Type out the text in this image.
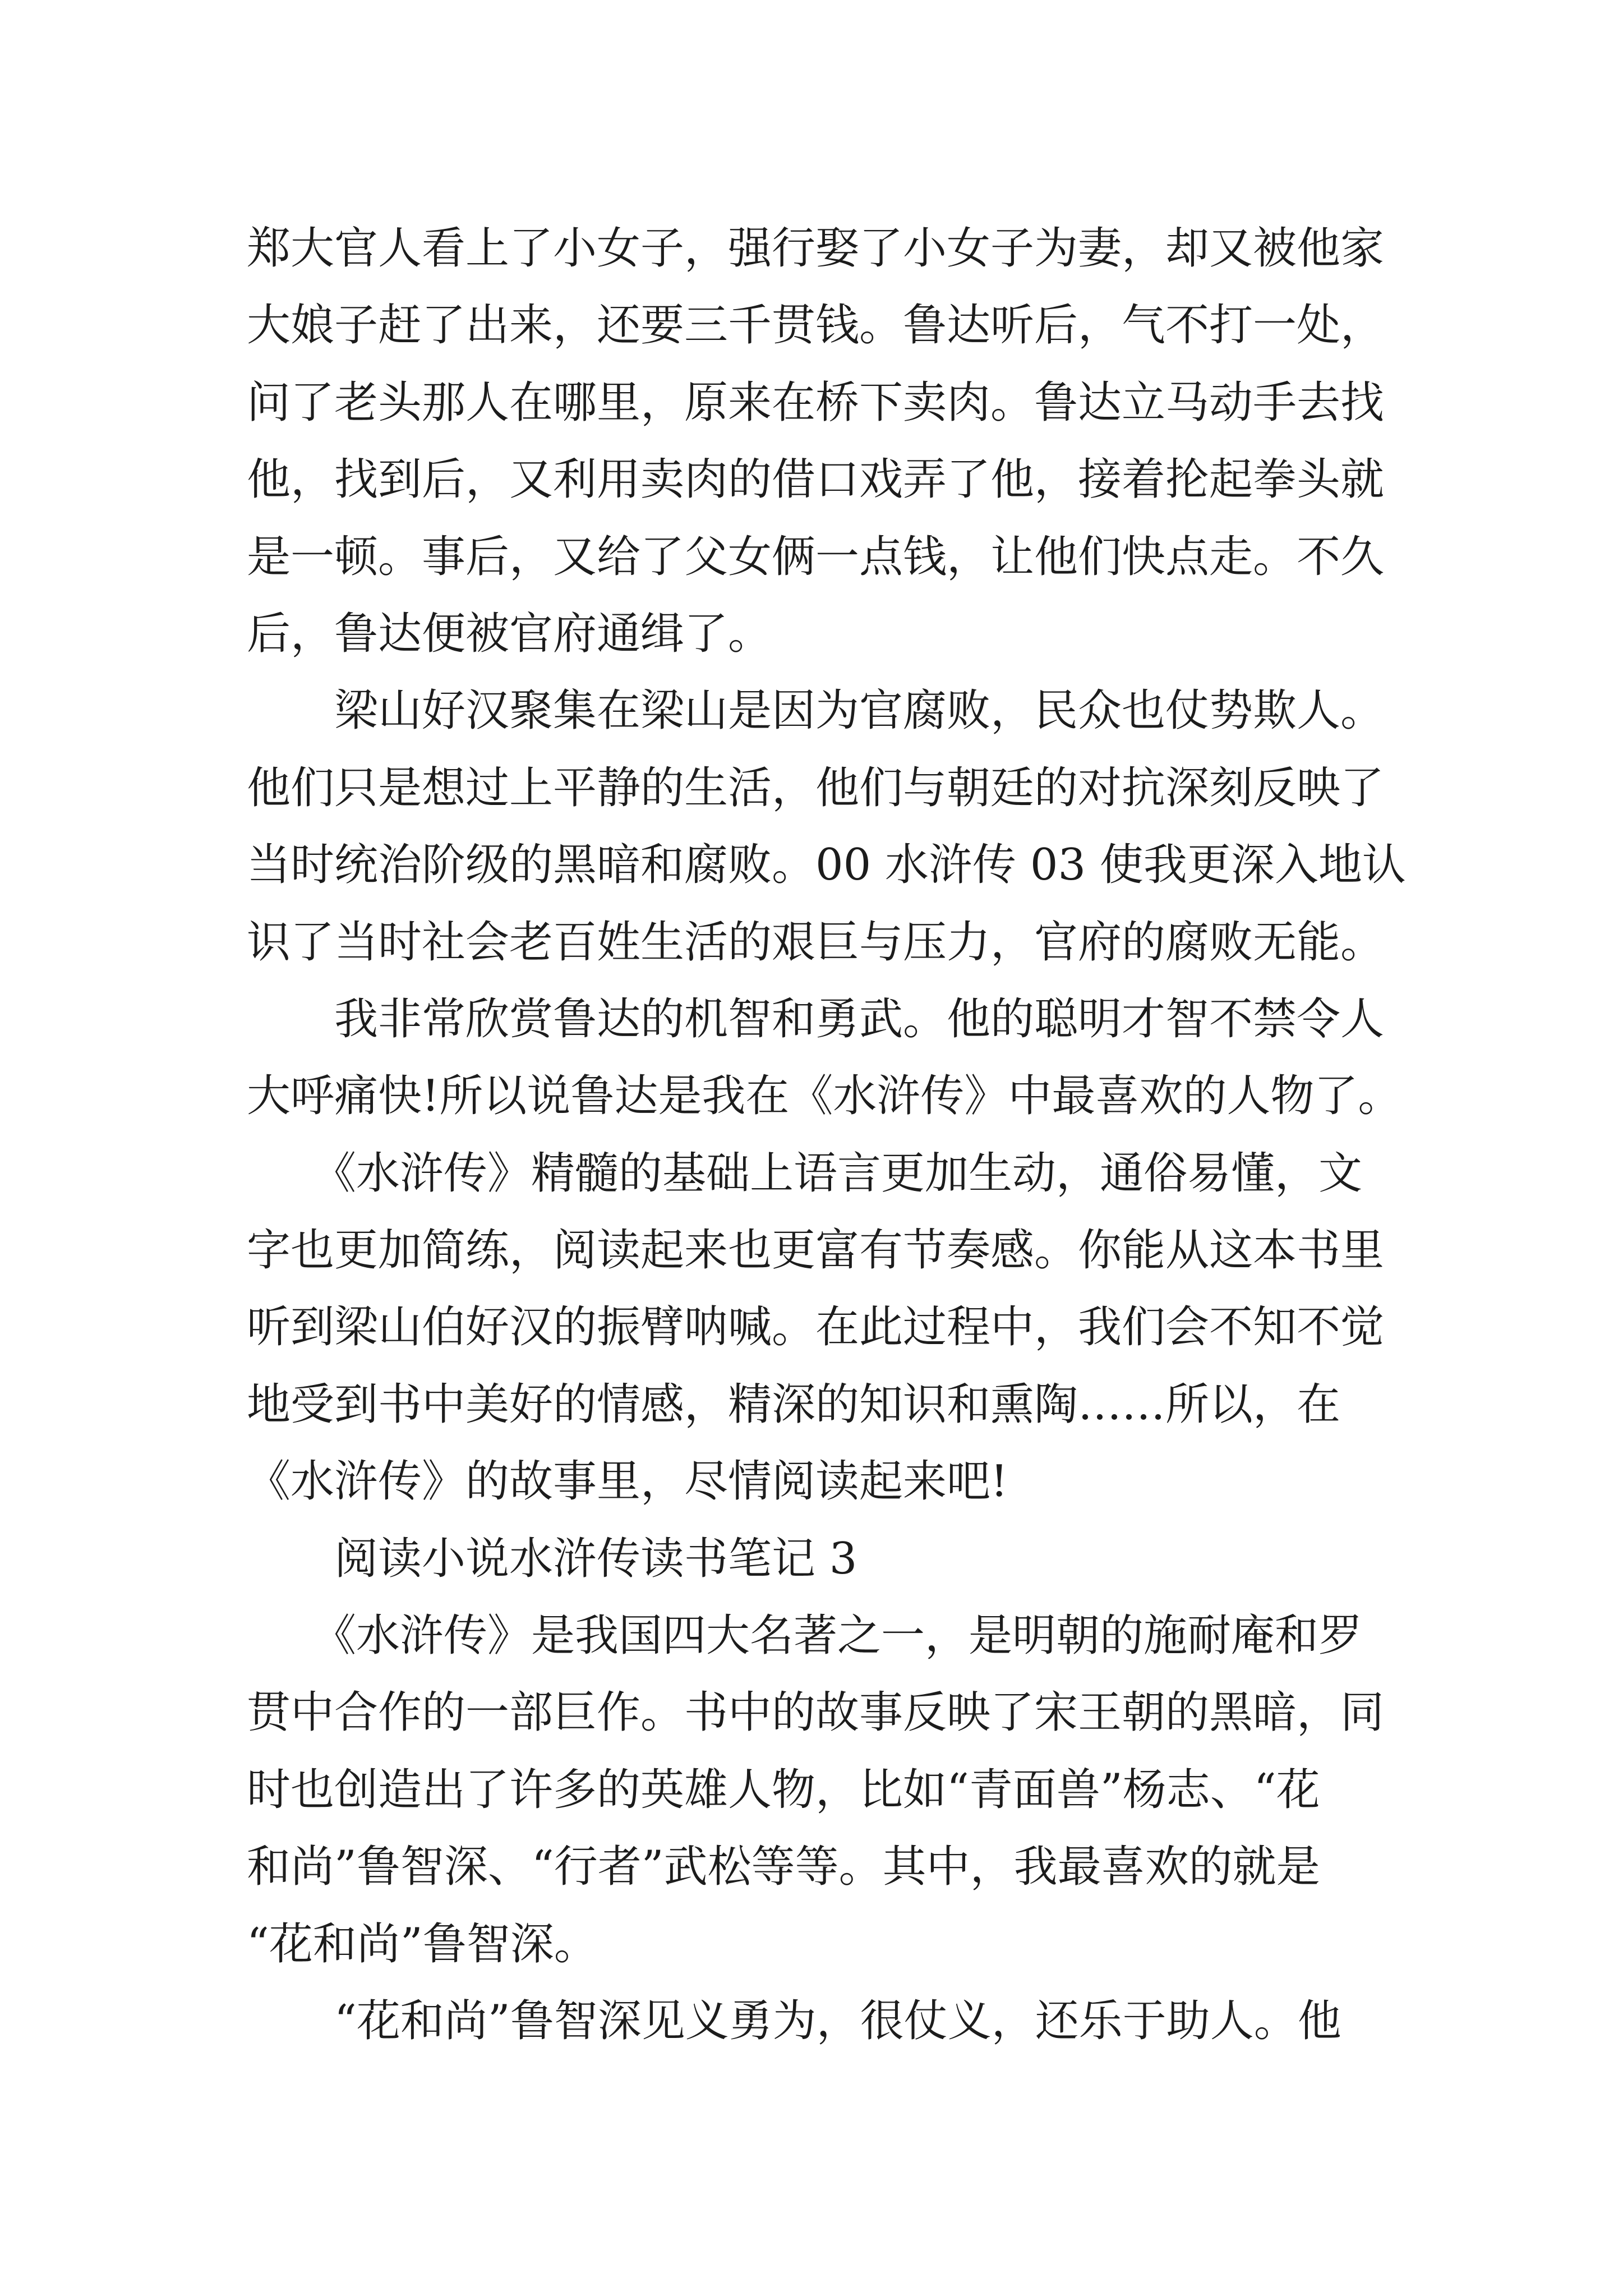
郑大官人看上了小女子，强行娶了小女子为妻，却又被他家
大娘子赶了出来，还要三千贯钱。鲁达听后，气不打一处，
问了老头那人在哪里，原来在桥下卖肉。鲁达立马动手去找
他，找到后，又利用卖肉的借口戏弄了他，接着抡起拳头就
是一顿。事后，又给了父女俩一点钱，让他们快点走。不久
后，鲁达便被官府通缉了。
　　梁山好汉聚集在梁山是因为官腐败，民众也仗势欺人。
他们只是想过上平静的生活，他们与朝廷的对抗深刻反映了
当时统治阶级的黑暗和腐败。00 水浒传 03 使我更深入地认
识了当时社会老百姓生活的艰巨与压力，官府的腐败无能。
　　我非常欣赏鲁达的机智和勇武。他的聪明才智不禁令人
大呼痛快!所以说鲁达是我在《水浒传》中最喜欢的人物了。
　　《水浒传》精髓的基础上语言更加生动，通俗易懂，文
字也更加简练，阅读起来也更富有节奏感。你能从这本书里
听到梁山伯好汉的振臂呐喊。在此过程中，我们会不知不觉
地受到书中美好的情感，精深的知识和熏陶……所以，在
《水浒传》的故事里，尽情阅读起来吧!
　　阅读小说水浒传读书笔记 3
　　《水浒传》是我国四大名著之一，是明朝的施耐庵和罗
贯中合作的一部巨作。书中的故事反映了宋王朝的黑暗，同
时也创造出了许多的英雄人物，比如“青面兽”杨志、“花
和尚”鲁智深、“行者”武松等等。其中，我最喜欢的就是
“花和尚”鲁智深。
　　“花和尚”鲁智深见义勇为，很仗义，还乐于助人。他
